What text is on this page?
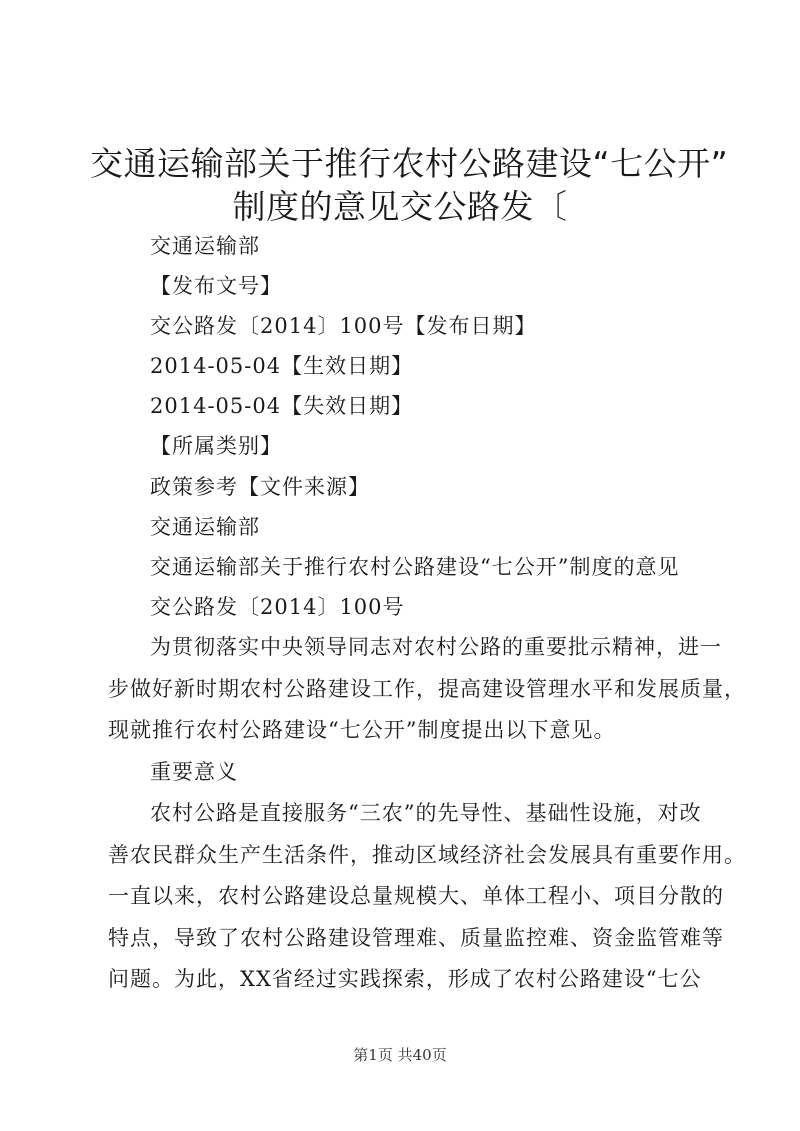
交通运输部关于推行农村公路建设“七公开”
制度的意见交公路发〔
交通运输部
【发布文号】
交公路发〔2014〕100号【发布日期】
2014-05-04【生效日期】
2014-05-04【失效日期】
【所属类别】
政策参考【文件来源】
交通运输部
交通运输部关于推行农村公路建设“七公开”制度的意见
交公路发〔2014〕100号
为贯彻落实中央领导同志对农村公路的重要批示精神，进一
步做好新时期农村公路建设工作，提高建设管理水平和发展质量，
现就推行农村公路建设“七公开”制度提出以下意见。
重要意义
农村公路是直接服务“三农”的先导性、基础性设施，对改
善农民群众生产生活条件，推动区域经济社会发展具有重要作用。
一直以来，农村公路建设总量规模大、单体工程小、项目分散的
特点，导致了农村公路建设管理难、质量监控难、资金监管难等
问题。为此，XX省经过实践探索，形成了农村公路建设“七公
第1页 共40页
